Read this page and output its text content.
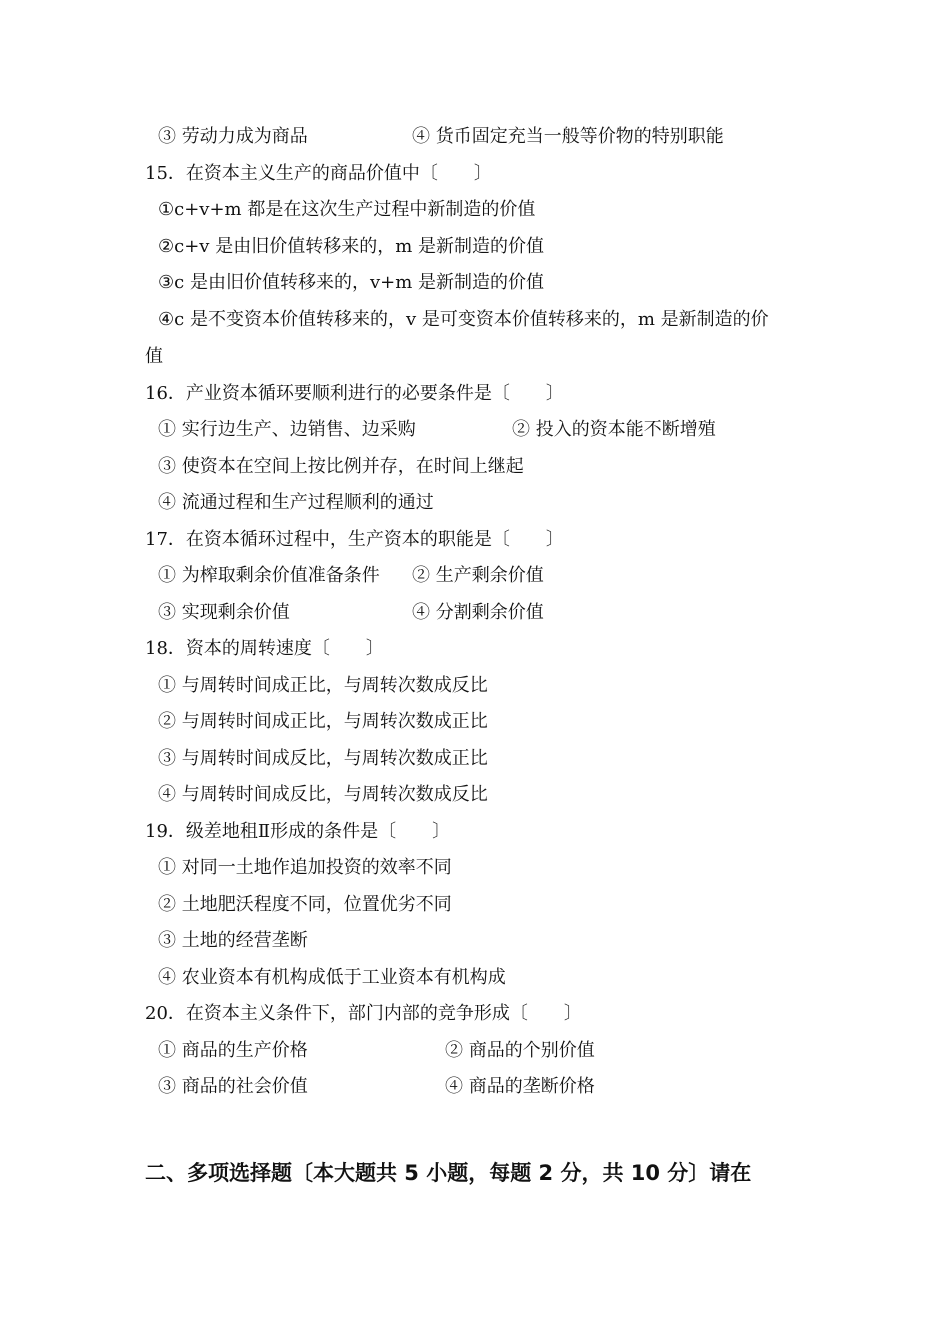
③ 劳动力成为商品	④ 货币固定充当一般等价物的特别职能
15．在资本主义生产的商品价值中〔　　〕
①c+v+m 都是在这次生产过程中新制造的价值
②c+v 是由旧价值转移来的，m 是新制造的价值
③c 是由旧价值转移来的，v+m 是新制造的价值
④c 是不变资本价值转移来的，v 是可变资本价值转移来的，m 是新制造的价
值
16．产业资本循环要顺利进行的必要条件是〔　　〕
① 实行边生产、边销售、边采购	② 投入的资本能不断增殖
③ 使资本在空间上按比例并存，在时间上继起
④ 流通过程和生产过程顺利的通过
17．在资本循环过程中，生产资本的职能是〔　　〕
① 为榨取剩余价值准备条件 ② 生产剩余价值
③ 实现剩余价值	④ 分割剩余价值
18．资本的周转速度〔　　〕
① 与周转时间成正比，与周转次数成反比
② 与周转时间成正比，与周转次数成正比
③ 与周转时间成反比，与周转次数成正比
④ 与周转时间成反比，与周转次数成反比
19．级差地租Ⅱ形成的条件是〔　　〕
① 对同一土地作追加投资的效率不同
② 土地肥沃程度不同，位置优劣不同
③ 土地的经营垄断
④ 农业资本有机构成低于工业资本有机构成
20．在资本主义条件下，部门内部的竞争形成〔　　〕
① 商品的生产价格	② 商品的个别价值
③ 商品的社会价值	④ 商品的垄断价格
二、多项选择题〔本大题共 5 小题，每题 2 分，共 10 分〕请在
